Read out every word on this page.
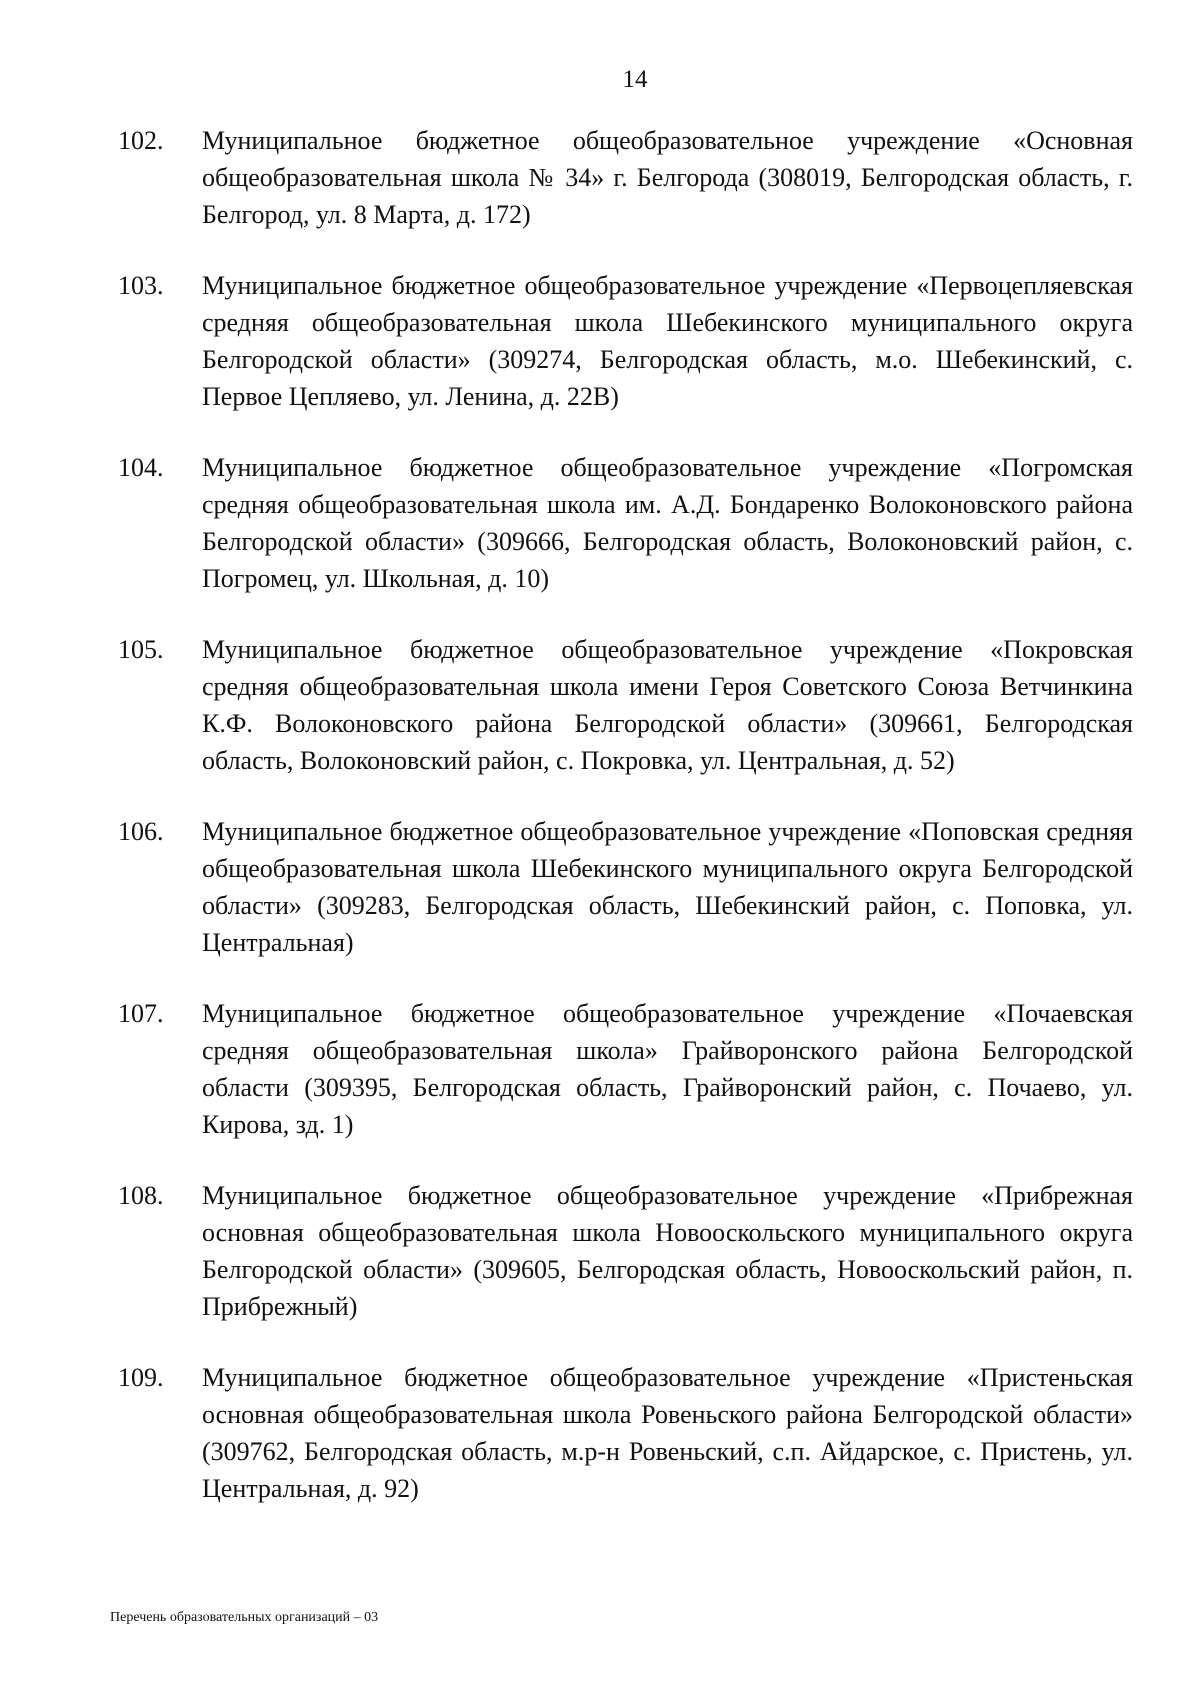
14
102.	Муниципальное бюджетное общеобразовательное учреждение «Основная общеобразовательная школа № 34» г. Белгорода (308019, Белгородская область, г. Белгород, ул. 8 Марта, д. 172)
103.	Муниципальное бюджетное общеобразовательное учреждение «Первоцепляевская средняя общеобразовательная школа Шебекинского муниципального округа Белгородской области» (309274, Белгородская область, м.о. Шебекинский, с. Первое Цепляево, ул. Ленина, д. 22В)
104.	Муниципальное бюджетное общеобразовательное учреждение «Погромская средняя общеобразовательная школа им. А.Д. Бондаренко Волоконовского района Белгородской области» (309666, Белгородская область, Волоконовский район, с. Погромец, ул. Школьная, д. 10)
105.	Муниципальное бюджетное общеобразовательное учреждение «Покровская средняя общеобразовательная школа имени Героя Советского Союза Ветчинкина К.Ф. Волоконовского района Белгородской области» (309661, Белгородская область, Волоконовский район, с. Покровка, ул. Центральная, д. 52)
106.	Муниципальное бюджетное общеобразовательное учреждение «Поповская средняя общеобразовательная школа Шебекинского муниципального округа Белгородской области» (309283, Белгородская область, Шебекинский район, с. Поповка, ул. Центральная)
107.	Муниципальное бюджетное общеобразовательное учреждение «Почаевская средняя общеобразовательная школа» Грайворонского района Белгородской области (309395, Белгородская область, Грайворонский район, с. Почаево, ул. Кирова, зд. 1)
108.	Муниципальное бюджетное общеобразовательное учреждение «Прибрежная основная общеобразовательная школа Новооскольского муниципального округа Белгородской области» (309605, Белгородская область, Новооскольский район, п. Прибрежный)
109.	Муниципальное бюджетное общеобразовательное учреждение «Пристеньская основная общеобразовательная школа Ровеньского района Белгородской области» (309762, Белгородская область, м.р-н Ровеньский, с.п. Айдарское, с. Пристень, ул. Центральная, д. 92)
Перечень образовательных организаций – 03
